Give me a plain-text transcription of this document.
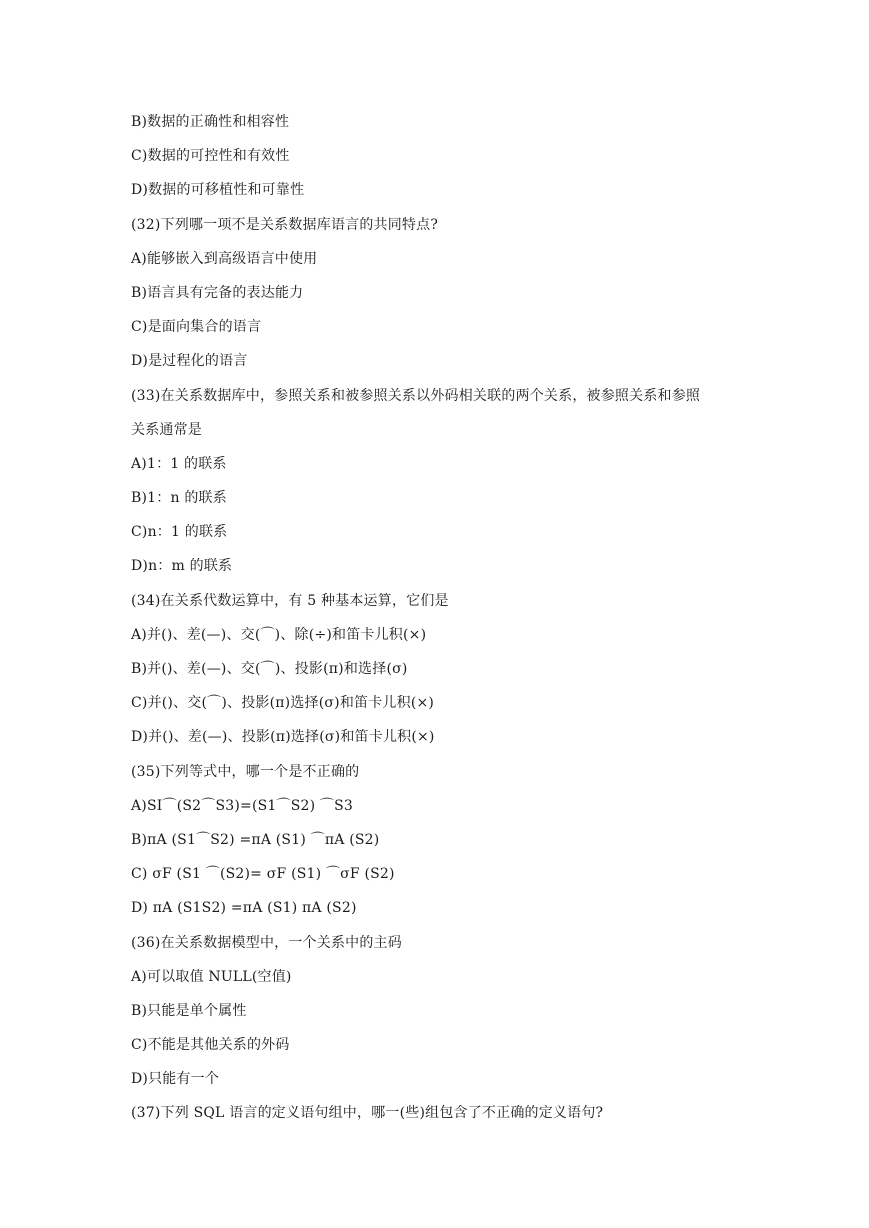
B)数据的正确性和相容性
C)数据的可控性和有效性
D)数据的可移植性和可靠性
(32)下列哪一项不是关系数据库语言的共同特点?
A)能够嵌入到高级语言中使用
B)语言具有完备的表达能力
C)是面向集合的语言
D)是过程化的语言
(33)在关系数据库中，参照关系和被参照关系以外码相关联的两个关系，被参照关系和参照
关系通常是
A)1：1 的联系
B)1：n 的联系
C)n：1 的联系
D)n：m 的联系
(34)在关系代数运算中，有 5 种基本运算，它们是
A)并()、差(—)、交(⌒)、除(÷)和笛卡儿积(×)
B)并()、差(—)、交(⌒)、投影(π)和选择(σ)
C)并()、交(⌒)、投影(π)选择(σ)和笛卡儿积(×)
D)并()、差(—)、投影(π)选择(σ)和笛卡儿积(×)
(35)下列等式中，哪一个是不正确的
A)SI⌒(S2⌒S3)=(S1⌒S2) ⌒S3
B)πA (S1⌒S2) =πA (S1) ⌒πA (S2)
C) σF (S1 ⌒(S2)= σF (S1) ⌒σF (S2)
D) πA (S1S2) =πA (S1) πA (S2)
(36)在关系数据模型中，一个关系中的主码
A)可以取值 NULL(空值)
B)只能是单个属性
C)不能是其他关系的外码
D)只能有一个
(37)下列 SQL 语言的定义语句组中，哪一(些)组包含了不正确的定义语句?
